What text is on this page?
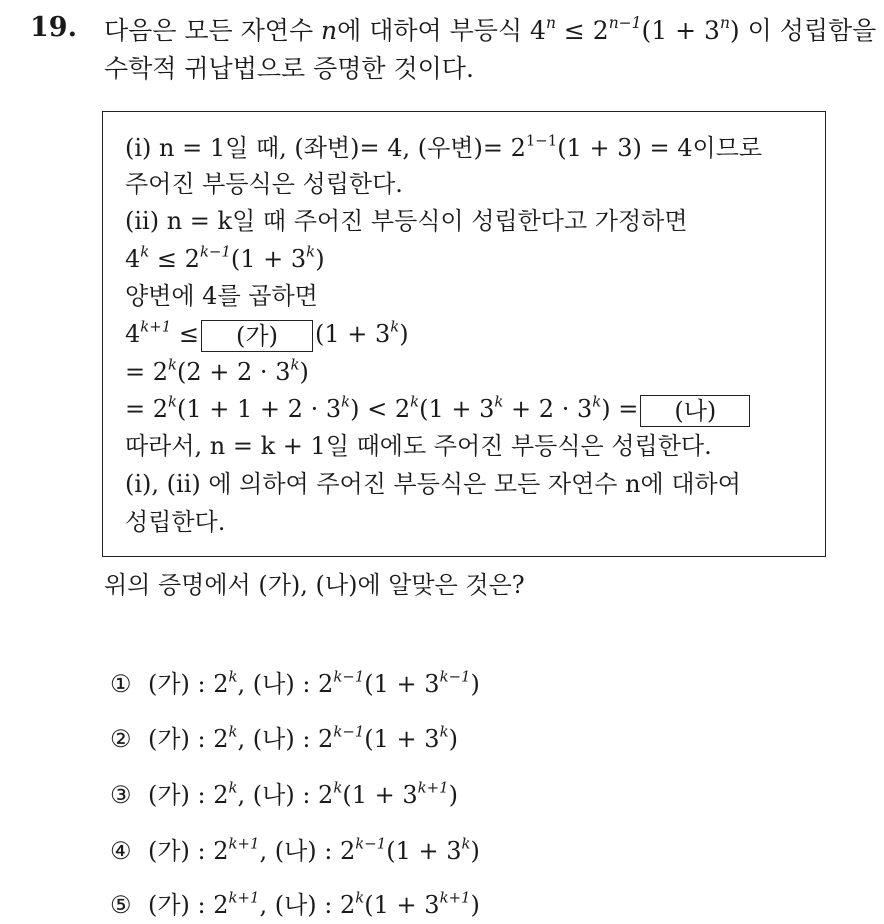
19. 다음은 모든 자연수 n에 대하여 부등식 $4^n \le 2^{n-1}(1 + 3^n)$ 이 성립함을
수학적 귀납법으로 증명한 것이다.
(i) n = 1일 때, (좌변)= 4, (우변)= $2^{1-1}(1 + 3) = 4$이므로
주어진 부등식은 성립한다.
(ii) n = k일 때 주어진 부등식이 성립한다고 가정하면
$4^k \le 2^{k-1}(1 + 3^k)$
양변에 4를 곱하면
$4^{k+1}$ ≤ (가) $(1 + 3^k)$
= $2^k(2 + 2 \cdot 3^k)$
= $2^k(1 + 1 + 2 \cdot 3^k) < 2^k(1 + 3^k + 2 \cdot 3^k)$ = (나)
따라서, n = k + 1일 때에도 주어진 부등식은 성립한다.
(i), (ii) 에 의하여 주어진 부등식은 모든 자연수 n에 대하여
성립한다.
위의 증명에서 (가), (나)에 알맞은 것은?
① (가) : 2$^k$, (나) : $2^{k-1}(1 + 3^{k-1})$
② (가) : 2$^k$, (나) : $2^{k-1}(1 + 3^k)$
③ (가) : 2$^k$, (나) : $2^k(1 + 3^{k+1})$
④ (가) : $2^{k+1}$, (나) : $2^{k-1}(1 + 3^k)$
⑤ (가) : $2^{k+1}$, (나) : $2^k(1 + 3^{k+1})$
